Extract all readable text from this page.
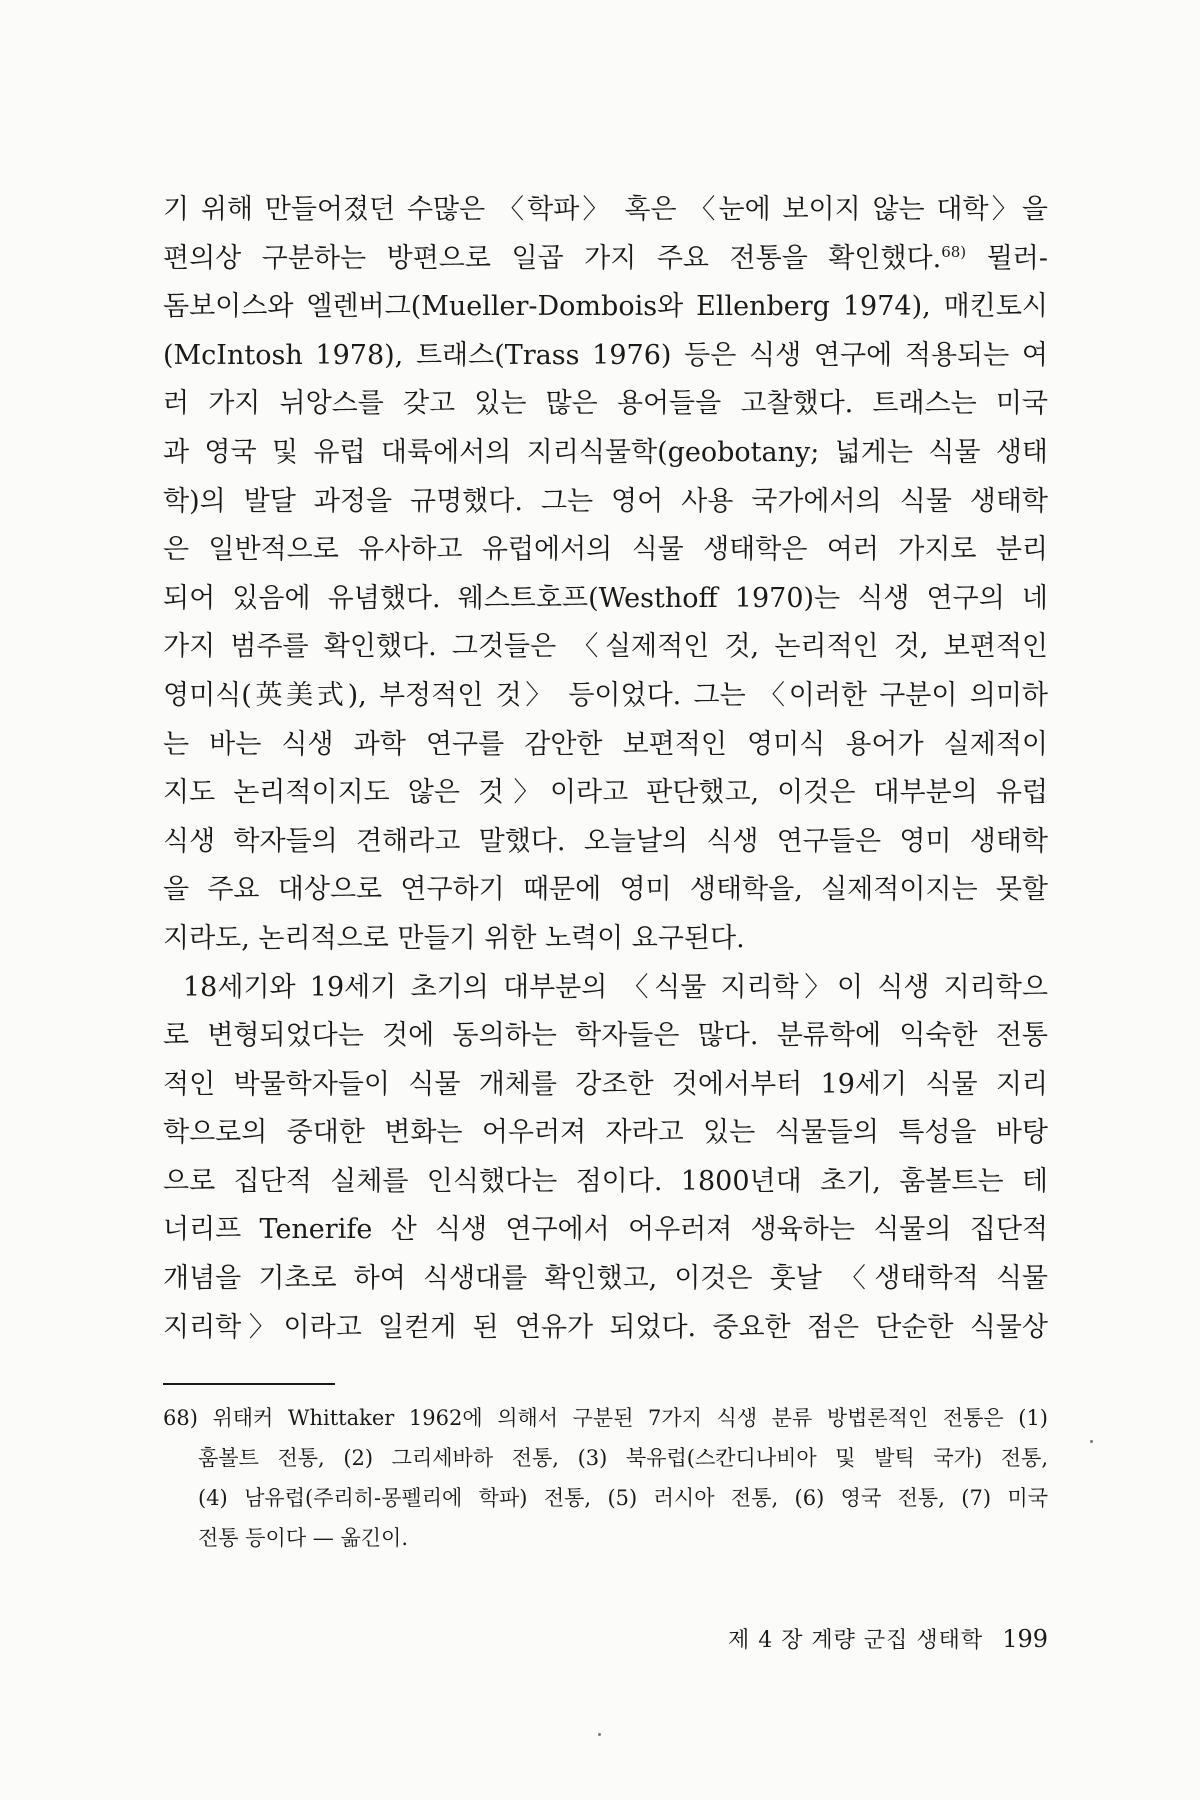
기 위해 만들어졌던 수많은 〈학파〉 혹은 〈눈에 보이지 않는 대학〉을
편의상 구분하는 방편으로 일곱 가지 주요 전통을 확인했다.$^{68)}$ 뮐러-
돔보이스와 엘렌버그(Mueller-Dombois와 Ellenberg 1974), 매킨토시
(McIntosh 1978), 트래스(Trass 1976) 등은 식생 연구에 적용되는 여
러 가지 뉘앙스를 갖고 있는 많은 용어들을 고찰했다. 트래스는 미국
과 영국 및 유럽 대륙에서의 지리식물학(geobotany; 넓게는 식물 생태
학)의 발달 과정을 규명했다. 그는 영어 사용 국가에서의 식물 생태학
은 일반적으로 유사하고 유럽에서의 식물 생태학은 여러 가지로 분리
되어 있음에 유념했다. 웨스트호프(Westhoff 1970)는 식생 연구의 네
가지 범주를 확인했다. 그것들은 〈실제적인 것, 논리적인 것, 보편적인
영미식(英美式), 부정적인 것〉 등이었다. 그는 〈이러한 구분이 의미하
는 바는 식생 과학 연구를 감안한 보편적인 영미식 용어가 실제적이
지도 논리적이지도 않은 것〉이라고 판단했고, 이것은 대부분의 유럽
식생 학자들의 견해라고 말했다. 오늘날의 식생 연구들은 영미 생태학
을 주요 대상으로 연구하기 때문에 영미 생태학을, 실제적이지는 못할
지라도, 논리적으로 만들기 위한 노력이 요구된다.
18세기와 19세기 초기의 대부분의 〈식물 지리학〉이 식생 지리학으
로 변형되었다는 것에 동의하는 학자들은 많다. 분류학에 익숙한 전통
적인 박물학자들이 식물 개체를 강조한 것에서부터 19세기 식물 지리
학으로의 중대한 변화는 어우러져 자라고 있는 식물들의 특성을 바탕
으로 집단적 실체를 인식했다는 점이다. 1800년대 초기, 훔볼트는 테
너리프 Tenerife 산 식생 연구에서 어우러져 생육하는 식물의 집단적
개념을 기초로 하여 식생대를 확인했고, 이것은 훗날 〈생태학적 식물
지리학〉이라고 일컫게 된 연유가 되었다. 중요한 점은 단순한 식물상
68) 위태커 Whittaker 1962에 의해서 구분된 7가지 식생 분류 방법론적인 전통은 (1)
훔볼트 전통, (2) 그리세바하 전통, (3) 북유럽(스칸디나비아 및 발틱 국가) 전통,
(4) 남유럽(주리히-몽펠리에 학파) 전통, (5) 러시아 전통, (6) 영국 전통, (7) 미국
전통 등이다 — 옮긴이.
제 4 장 계량 군집 생태학 199
